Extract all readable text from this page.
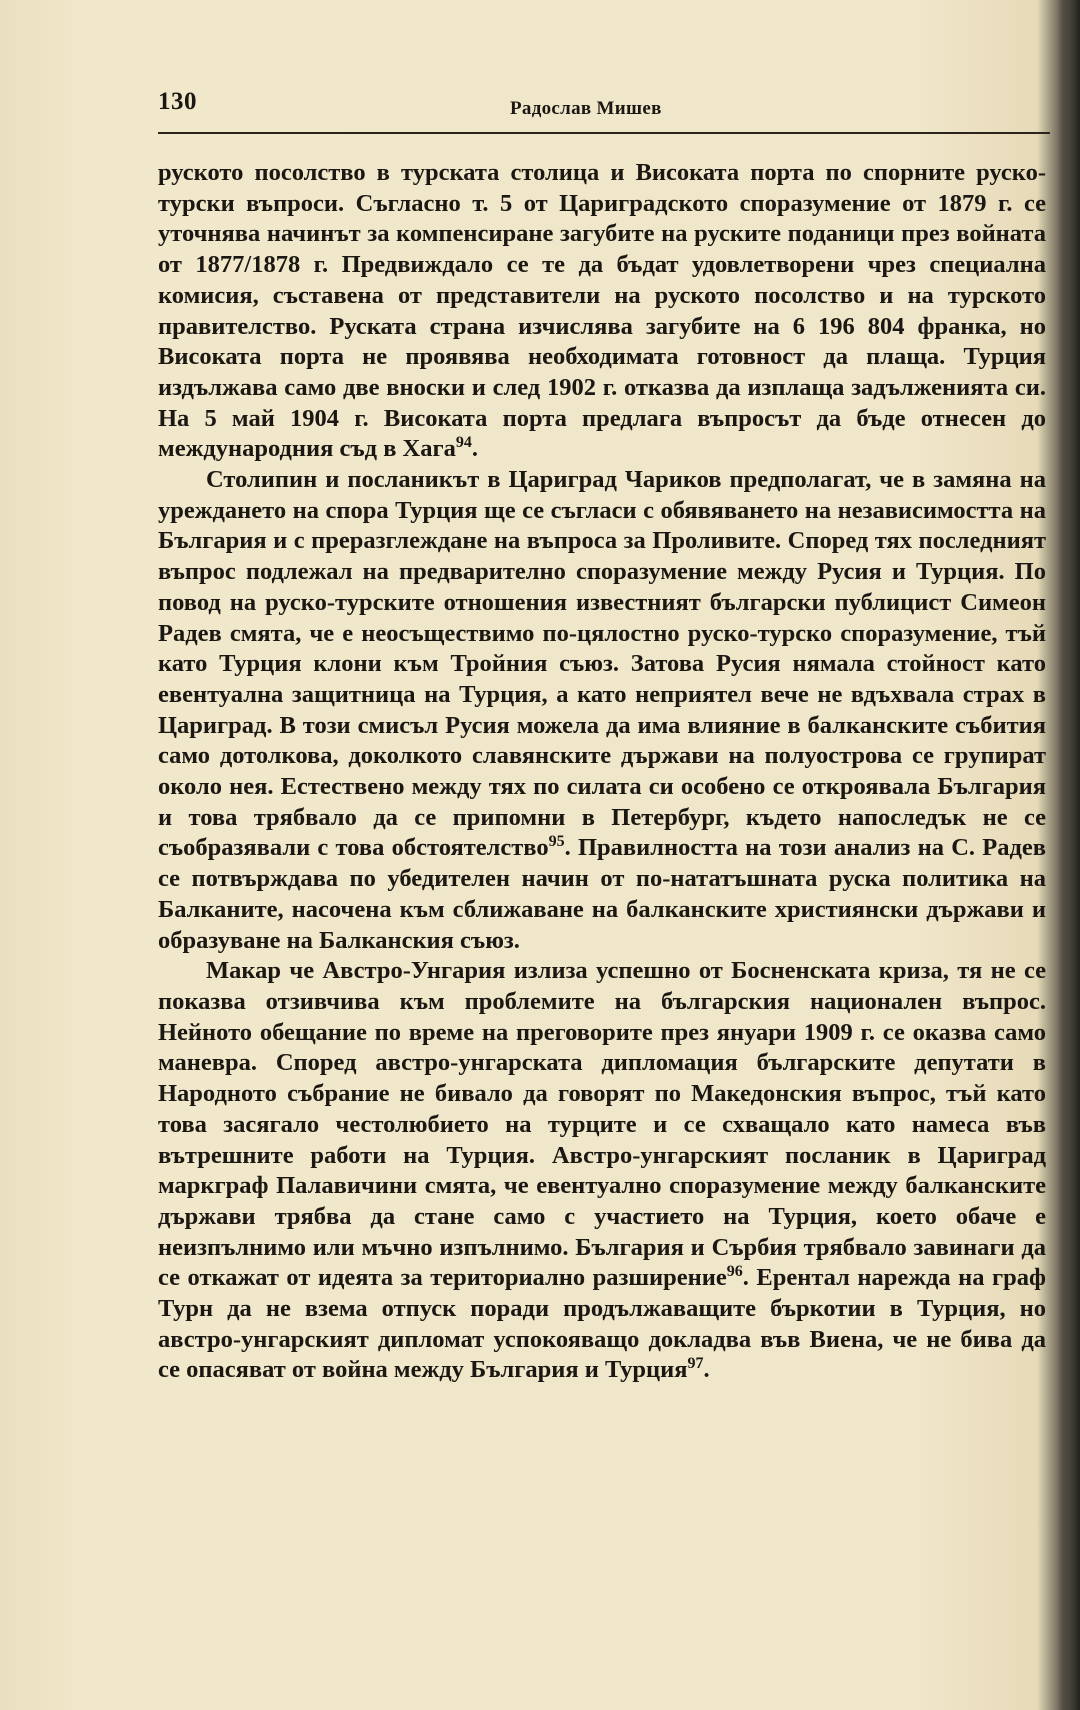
130	Радослав Мишев

руското посолство в турската столица и Високата порта по спорните руско-турски въпроси. Съгласно т. 5 от Цариградското споразумение от 1879 г. се уточнява начинът за компенсиране загубите на руските поданици през войната от 1877/1878 г. Предвиждало се те да бъдат удовлетворени чрез специална комисия, съставена от представители на руското посолство и на турското правителство. Руската страна изчислява загубите на 6 196 804 франка, но Високата порта не проявява необходимата готовност да плаща. Турция издължава само две вноски и след 1902 г. отказва да изплаща задълженията си. На 5 май 1904 г. Високата порта предлага въпросът да бъде отнесен до международния съд в Хага$^{94}$.

Столипин и посланикът в Цариград Чариков предполагат, че в замяна на уреждането на спора Турция ще се съгласи с обявяването на независимостта на България и с преразглеждане на въпроса за Проливите. Според тях последният въпрос подлежал на предварително споразумение между Русия и Турция. По повод на руско-турските отношения известният български публицист Симеон Радев смята, че е неосъществимо по-цялостно руско-турско споразумение, тъй като Турция клони към Тройния съюз. Затова Русия нямала стойност като евентуална защитница на Турция, а като неприятел вече не вдъхвала страх в Цариград. В този смисъл Русия можела да има влияние в балканските събития само дотолкова, доколкото славянските държави на полуострова се групират около нея. Естествено между тях по силата си особено се откроявала България и това трябвало да се припомни в Петербург, където напоследък не се съобразявали с това обстоятелство$^{95}$. Правилността на този анализ на С. Радев се потвърждава по убедителен начин от по-нататъшната руска политика на Балканите, насочена към сближаване на балканските християнски държави и образуване на Балканския съюз.

Макар че Австро-Унгария излиза успешно от Босненската криза, тя не се показва отзивчива към проблемите на българския национален въпрос. Нейното обещание по време на преговорите през януари 1909 г. се оказва само маневра. Според австро-унгарската дипломация българските депутати в Народното събрание не бивало да говорят по Македонския въпрос, тъй като това засягало честолюбието на турците и се схващало като намеса във вътрешните работи на Турция. Австро-унгарският посланик в Цариград маркграф Палавичини смята, че евентуално споразумение между балканските държави трябва да стане само с участието на Турция, което обаче е неизпълнимо или мъчно изпълнимо. България и Сърбия трябвало завинаги да се откажат от идеята за териториално разширение$^{96}$. Ерентал нарежда на граф Турн да не взема отпуск поради продължаващите бъркотии в Турция, но австро-унгарският дипломат успокояващо докладва във Виена, че не бива да се опасяват от война между България и Турция$^{97}$.
